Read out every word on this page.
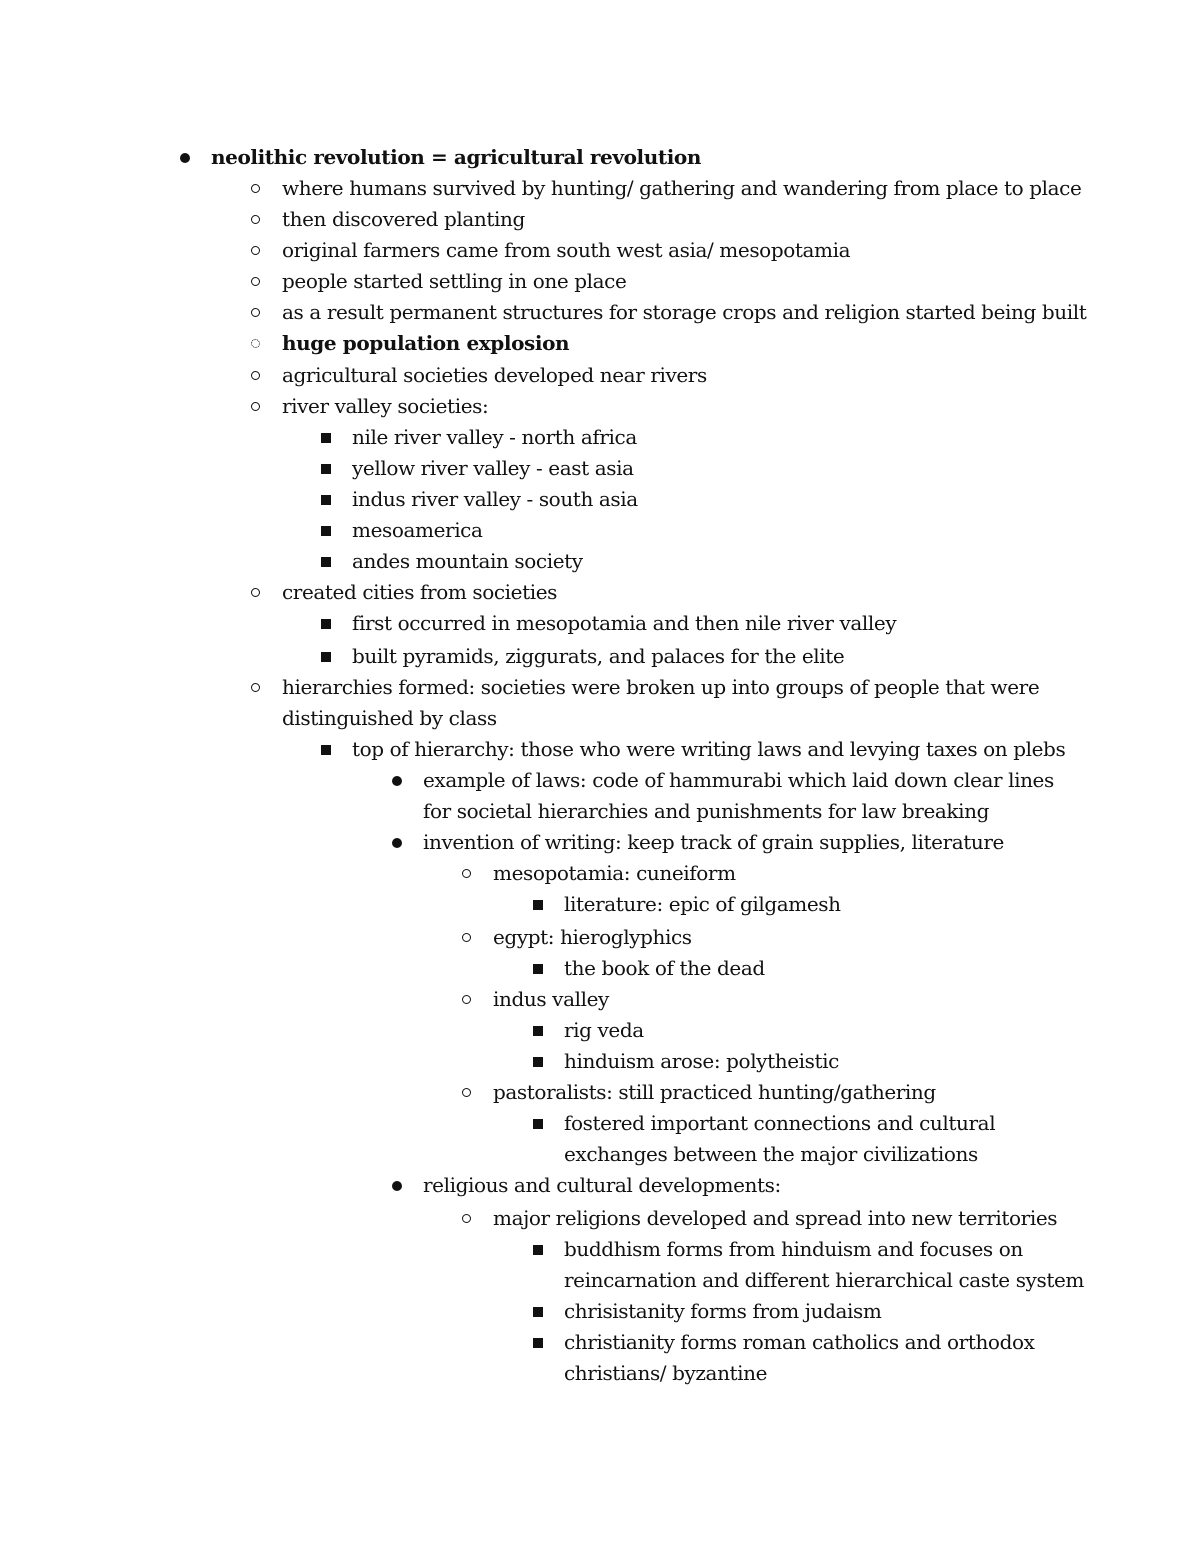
neolithic revolution = agricultural revolution
where humans survived by hunting/ gathering and wandering from place to place
then discovered planting
original farmers came from south west asia/ mesopotamia
people started settling in one place
as a result permanent structures for storage crops and religion started being built
huge population explosion
agricultural societies developed near rivers
river valley societies:
nile river valley - north africa
yellow river valley - east asia
indus river valley - south asia
mesoamerica
andes mountain society
created cities from societies
first occurred in mesopotamia and then nile river valley
built pyramids, ziggurats, and palaces for the elite
hierarchies formed: societies were broken up into groups of people that were
distinguished by class
top of hierarchy: those who were writing laws and levying taxes on plebs
example of laws: code of hammurabi which laid down clear lines
for societal hierarchies and punishments for law breaking
invention of writing: keep track of grain supplies, literature
mesopotamia: cuneiform
literature: epic of gilgamesh
egypt: hieroglyphics
the book of the dead
indus valley
rig veda
hinduism arose: polytheistic
pastoralists: still practiced hunting/gathering
fostered important connections and cultural
exchanges between the major civilizations
religious and cultural developments:
major religions developed and spread into new territories
buddhism forms from hinduism and focuses on
reincarnation and different hierarchical caste system
chrisistanity forms from judaism
christianity forms roman catholics and orthodox
christians/ byzantine
